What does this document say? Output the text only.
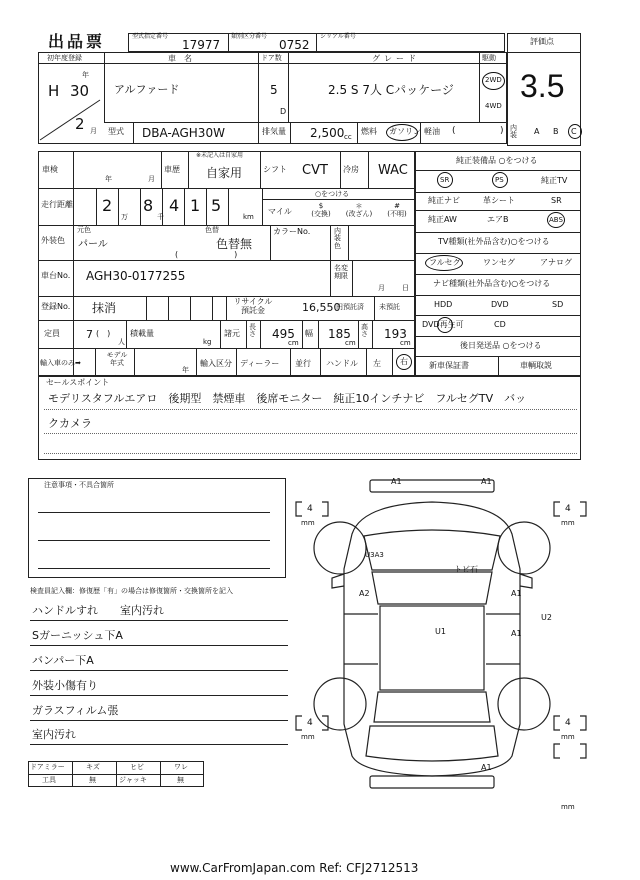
出品票	型式指定番号
17977
類別区分番号
0752
シリアル番号
評価点
3.5
初年度登録
年
H 30
2 月
車　名
アルファード
ドア数
5
D
グレード
2.5 S 7人 Cパッケージ
駆動
2WD
4WD
型式 DBA-AGH30W	排気量 2,500 cc
燃料 ガソリン 軽油 (	) 内装	A B C
車検
年	月
車歴
※未記入は自家用
自家用	シフト CVT 冷房 WAC
走行距離 2
万
8
千
4 1 5
km
○をつける
マイル
$
(交換)
＊
(改ざん)
#
(不明)
外装色
元色
パール
色替
色替無
(　　　　　　　)
カラーNo.	内装色
車台No. AGH30-0177255
名変期限
月 日
登録No. 抹消	リサイクル預託金	16,550
円預託済 未預託
定員 7 (　)
人
積載量
kg
諸元
長さ 495
cm
幅 185
cm
高さ 193
cm
輸入車のみ➡
モデル年式
年
輸入区分 ディーラー 並行 ハンドル 左 右
純正装備品 ○をつける
SR	PS	純正TV
純正ナビ	革シート	SR
純正AW	エアB	ABS
TV種類(社外品含む)○をつける
フルセグ	ワンセグ	アナログ
ナビ種類(社外品含む)○をつける
HDD	DVD	SD
DVD再生可	CD
後日発送品 ○をつける
新車保証書	車輌取説
セールスポイント
モデリスタフルエアロ　後期型　禁煙車　後席モニター　純正10インチナビ　フルセグTV　バッ
クカメラ
注意事項・不具合箇所
検査員記入欄：修復歴「有」の場合は修復箇所・交換箇所を記入
ハンドルすれ　　室内汚れ
Sガーニッシュ下A
バンパー下A
外装小傷有り
ガラスフィルム張
室内汚れ
ドアミラー	キズ	ヒビ	ワレ
工具	無	ジャッキ	無
A1	A1
U3A3
トビ石
A2	A1
U1	A1
U2
A1
4
mm
4
mm
4
mm
4
mm
mm
www.CarFromJapan.com Ref: CFJ2712513
